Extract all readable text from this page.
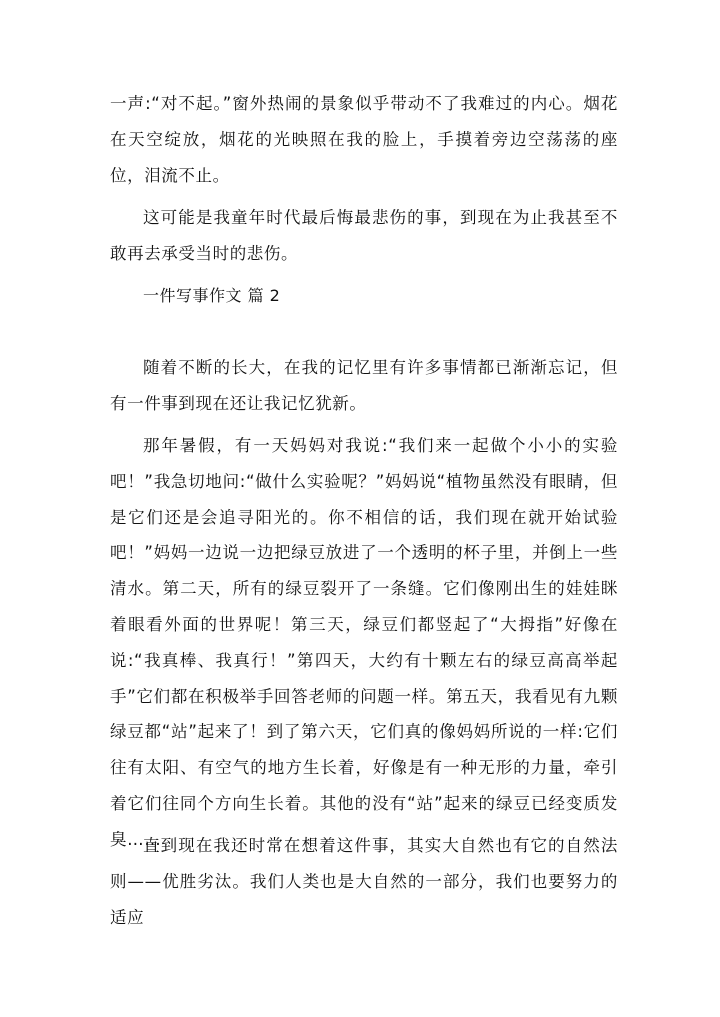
一声:“对不起。”窗外热闹的景象似乎带动不了我难过的内心。烟花在天空绽放，烟花的光映照在我的脸上，手摸着旁边空荡荡的座位，泪流不止。

这可能是我童年时代最后悔最悲伤的事，到现在为止我甚至不敢再去承受当时的悲伤。

一件写事作文 篇 2

随着不断的长大，在我的记忆里有许多事情都已渐渐忘记，但有一件事到现在还让我记忆犹新。

那年暑假，有一天妈妈对我说:“我们来一起做个小小的实验吧！”我急切地问:“做什么实验呢？”妈妈说“植物虽然没有眼睛，但是它们还是会追寻阳光的。你不相信的话，我们现在就开始试验吧！”妈妈一边说一边把绿豆放进了一个透明的杯子里，并倒上一些清水。第二天，所有的绿豆裂开了一条缝。它们像刚出生的娃娃眯着眼看外面的世界呢！第三天，绿豆们都竖起了“大拇指”好像在说:“我真棒、我真行！”第四天，大约有十颗左右的绿豆高高举起手”它们都在积极举手回答老师的问题一样。第五天，我看见有九颗绿豆都“站”起来了！到了第六天，它们真的像妈妈所说的一样:它们往有太阳、有空气的地方生长着，好像是有一种无形的力量，牵引着它们往同个方向生长着。其他的没有“站”起来的绿豆已经变质发臭……

直到现在我还时常在想着这件事，其实大自然也有它的自然法则——优胜劣汰。我们人类也是大自然的一部分，我们也要努力的适应
